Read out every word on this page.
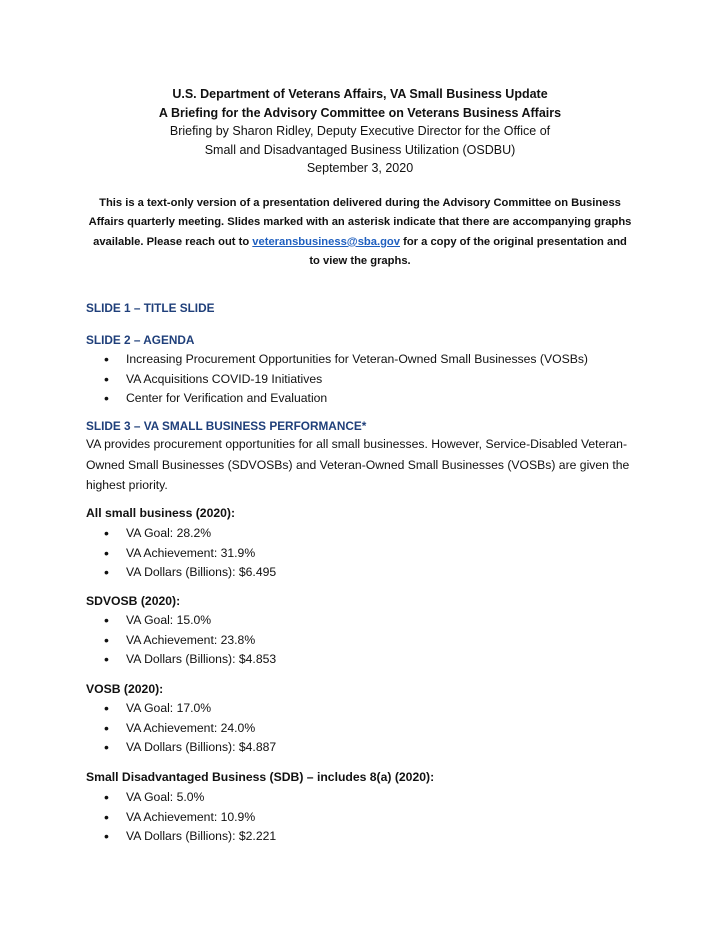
U.S. Department of Veterans Affairs, VA Small Business Update
A Briefing for the Advisory Committee on Veterans Business Affairs
Briefing by Sharon Ridley, Deputy Executive Director for the Office of
Small and Disadvantaged Business Utilization (OSDBU)
September 3, 2020
This is a text-only version of a presentation delivered during the Advisory Committee on Business Affairs quarterly meeting. Slides marked with an asterisk indicate that there are accompanying graphs available. Please reach out to veteransbusiness@sba.gov for a copy of the original presentation and to view the graphs.
SLIDE 1 – TITLE SLIDE
SLIDE 2 – AGENDA
• Increasing Procurement Opportunities for Veteran-Owned Small Businesses (VOSBs)
• VA Acquisitions COVID-19 Initiatives
• Center for Verification and Evaluation
SLIDE 3 – VA SMALL BUSINESS PERFORMANCE*
VA provides procurement opportunities for all small businesses. However, Service-Disabled Veteran-Owned Small Businesses (SDVOSBs) and Veteran-Owned Small Businesses (VOSBs) are given the highest priority.
All small business (2020):
• VA Goal: 28.2%
• VA Achievement: 31.9%
• VA Dollars (Billions): $6.495
SDVOSB (2020):
• VA Goal: 15.0%
• VA Achievement: 23.8%
• VA Dollars (Billions): $4.853
VOSB (2020):
• VA Goal: 17.0%
• VA Achievement: 24.0%
• VA Dollars (Billions): $4.887
Small Disadvantaged Business (SDB) – includes 8(a) (2020):
• VA Goal: 5.0%
• VA Achievement: 10.9%
• VA Dollars (Billions): $2.221
